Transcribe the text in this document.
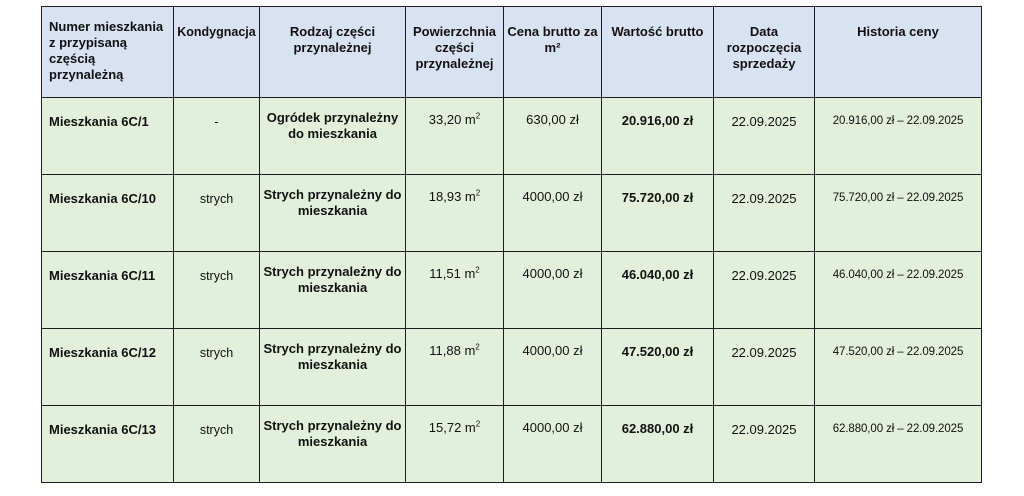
Numer mieszkania z przypisaną częścią przynależną	Kondygnacja	Rodzaj części przynależnej	Powierzchnia części przynależnej	Cena brutto za m²	Wartość brutto	Data rozpoczęcia sprzedaży	Historia ceny
Mieszkania 6C/1	-	Ogródek przynależny do mieszkania	33,20 $m^2$	630,00 zł	20.916,00 zł	22.09.2025	20.916,00 zł – 22.09.2025
Mieszkania 6C/10	strych	Strych przynależny do mieszkania	18,93 $m^2$	4000,00 zł	75.720,00 zł	22.09.2025	75.720,00 zł – 22.09.2025
Mieszkania 6C/11	strych	Strych przynależny do mieszkania	11,51 $m^2$	4000,00 zł	46.040,00 zł	22.09.2025	46.040,00 zł – 22.09.2025
Mieszkania 6C/12	strych	Strych przynależny do mieszkania	11,88 $m^2$	4000,00 zł	47.520,00 zł	22.09.2025	47.520,00 zł – 22.09.2025
Mieszkania 6C/13	strych	Strych przynależny do mieszkania	15,72 $m^2$	4000,00 zł	62.880,00 zł	22.09.2025	62.880,00 zł – 22.09.2025
